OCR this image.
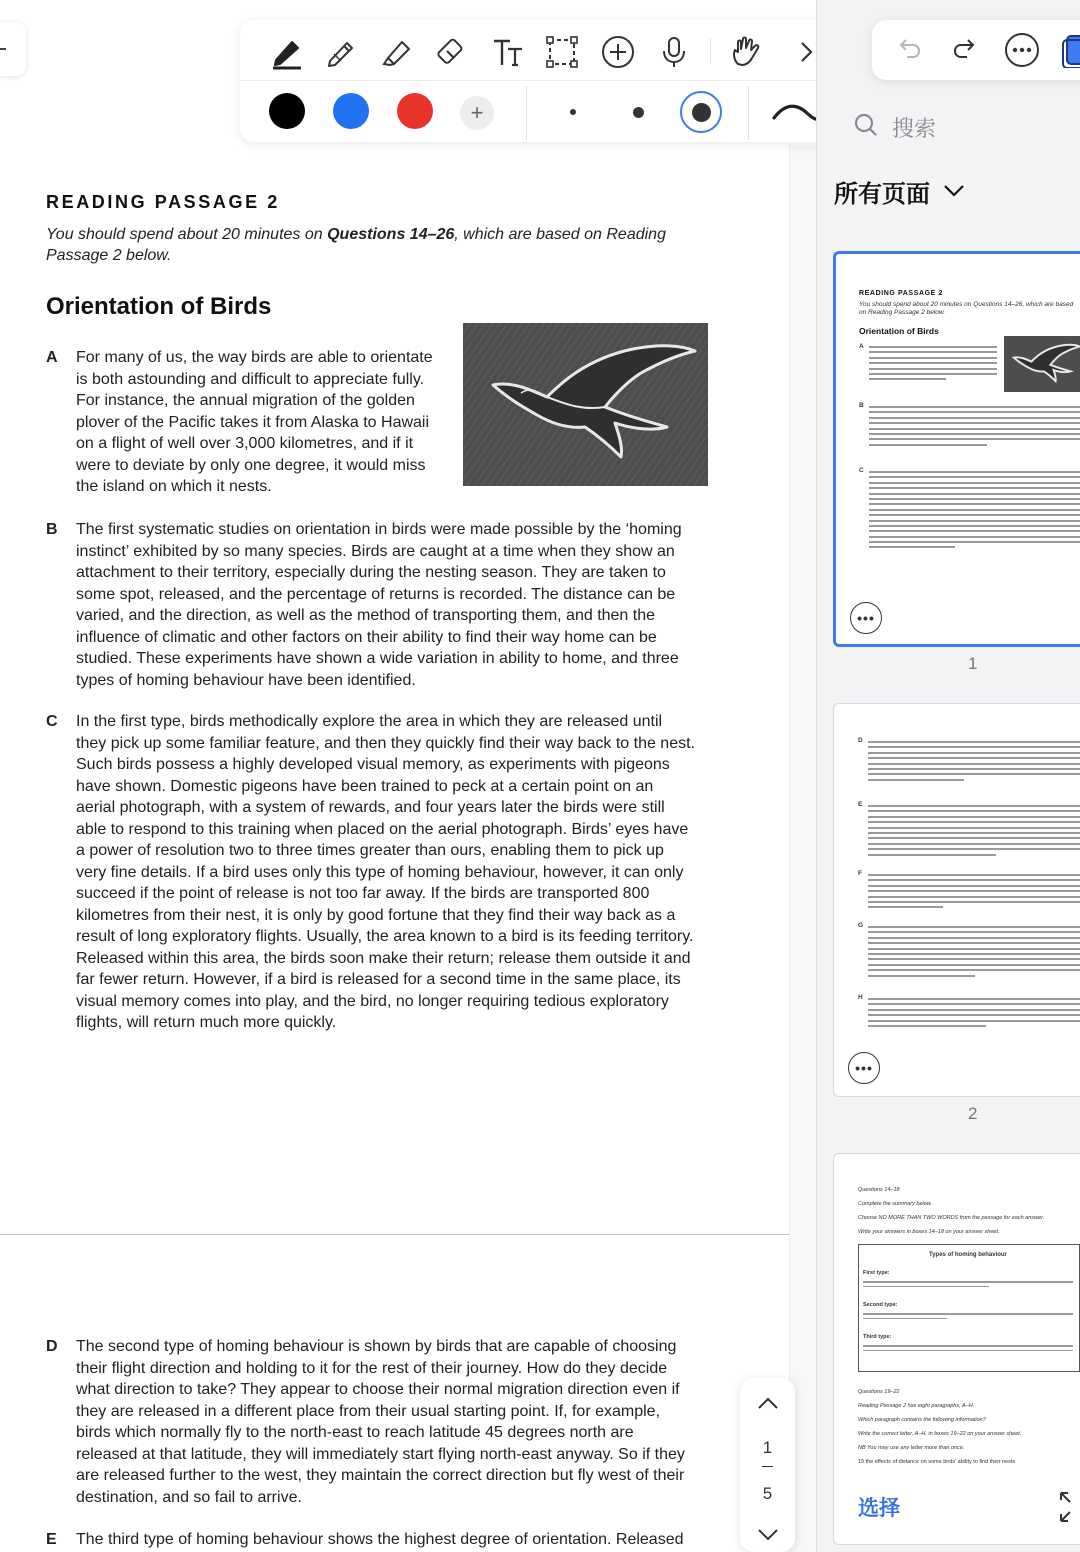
READING PASSAGE 2
You should spend about 20 minutes on Questions 14–26, which are based on Reading Passage 2 below.
Orientation of Birds
A For many of us, the way birds are able to orientate
is both astounding and difficult to appreciate fully.
For instance, the annual migration of the golden
plover of the Pacific takes it from Alaska to Hawaii
on a flight of well over 3,000 kilometres, and if it
were to deviate by only one degree, it would miss
the island on which it nests.
B The first systematic studies on orientation in birds were made possible by the ‘homing
instinct’ exhibited by so many species. Birds are caught at a time when they show an
attachment to their territory, especially during the nesting season. They are taken to
some spot, released, and the percentage of returns is recorded. The distance can be
varied, and the direction, as well as the method of transporting them, and then the
influence of climatic and other factors on their ability to find their way home can be
studied. These experiments have shown a wide variation in ability to home, and three
types of homing behaviour have been identified.
C In the first type, birds methodically explore the area in which they are released until
they pick up some familiar feature, and then they quickly find their way back to the nest.
Such birds possess a highly developed visual memory, as experiments with pigeons
have shown. Domestic pigeons have been trained to peck at a certain point on an
aerial photograph, with a system of rewards, and four years later the birds were still
able to respond to this training when placed on the aerial photograph. Birds’ eyes have
a power of resolution two to three times greater than ours, enabling them to pick up
very fine details. If a bird uses only this type of homing behaviour, however, it can only
succeed if the point of release is not too far away. If the birds are transported 800
kilometres from their nest, it is only by good fortune that they find their way back as a
result of long exploratory flights. Usually, the area known to a bird is its feeding territory.
Released within this area, the birds soon make their return; release them outside it and
far fewer return. However, if a bird is released for a second time in the same place, its
visual memory comes into play, and the bird, no longer requiring tedious exploratory
flights, will return much more quickly.
D The second type of homing behaviour is shown by birds that are capable of choosing
their flight direction and holding to it for the rest of their journey. How do they decide
what direction to take? They appear to choose their normal migration direction even if
they are released in a different place from their usual starting point. If, for example,
birds which normally fly to the north-east to reach latitude 45 degrees north are
released at that latitude, they will immediately start flying north-east anyway. So if they
are released further to the west, they maintain the correct direction but fly west of their
destination, and so fail to arrive.
E The third type of homing behaviour shows the highest degree of orientation. Released
+
搜索
所有页面
READING PASSAGE 2
You should spend about 20 minutes on Questions 14–26, which are based on Reading Passage 2 below.
Orientation of Birds
A
B
C
•••
1
D
E
F
G
H
•••
2
Questions 14–18
Complete the summary below.
Choose NO MORE THAN TWO WORDS from the passage for each answer.
Write your answers in boxes 14–18 on your answer sheet.
Types of homing behaviour
First type:
Second type:
Third type:
Questions 19–22
Reading Passage 2 has eight paragraphs, A–H.
Which paragraph contains the following information?
Write the correct letter, A–H, in boxes 19–22 on your answer sheet.
NB You may use any letter more than once.
19 the effects of distance on some birds’ ability to find their nests
1
5
选择
